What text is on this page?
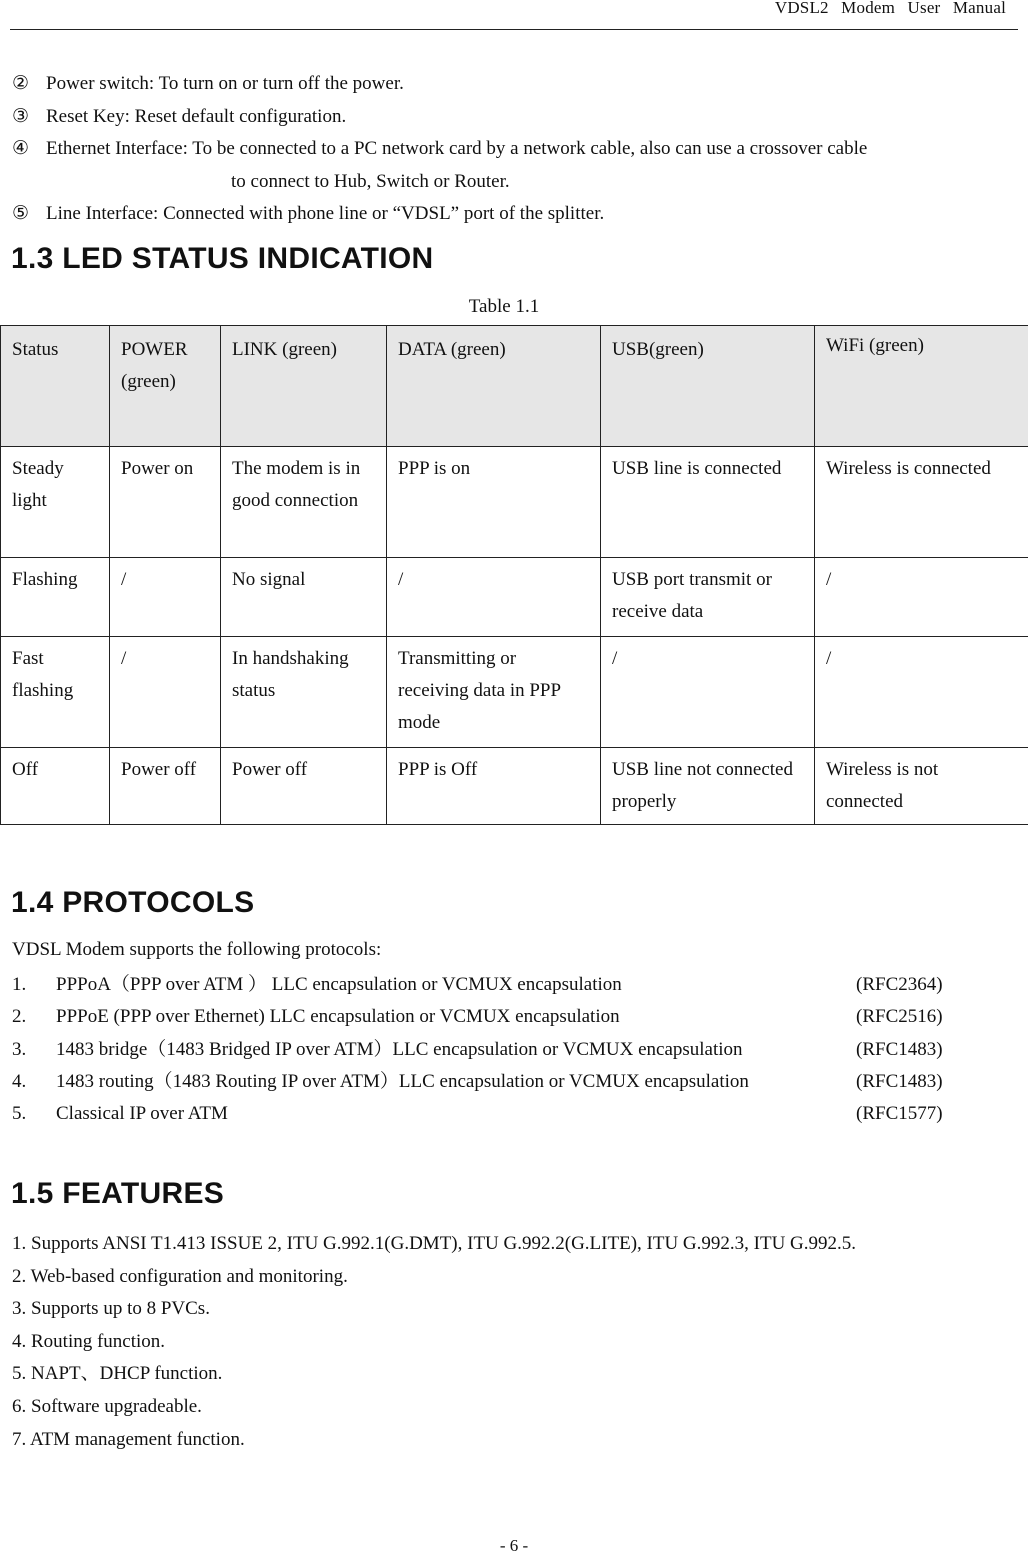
VDSL2 Modem User Manual
② Power switch: To turn on or turn off the power.
③ Reset Key: Reset default configuration.
④ Ethernet Interface: To be connected to a PC network card by a network cable, also can use a crossover cable
to connect to Hub, Switch or Router.
⑤ Line Interface: Connected with phone line or “VDSL” port of the splitter.
1.3 LED STATUS INDICATION
Table 1.1
Status	POWER (green)	LINK (green)	DATA (green)	USB(green)	WiFi (green)
Steady light	Power on	The modem is in good connection	PPP is on	USB line is connected	Wireless is connected
Flashing	/	No signal	/	USB port transmit or receive data	/
Fast flashing	/	In handshaking status	Transmitting or receiving data in PPP mode	/	/
Off	Power off	Power off	PPP is Off	USB line not connected properly	Wireless is not connected
1.4 PROTOCOLS
VDSL Modem supports the following protocols:
1. PPPoA（PPP over ATM ） LLC encapsulation or VCMUX encapsulation	(RFC2364)
2. PPPoE (PPP over Ethernet) LLC encapsulation or VCMUX encapsulation	(RFC2516)
3. 1483 bridge（1483 Bridged IP over ATM）LLC encapsulation or VCMUX encapsulation	(RFC1483)
4. 1483 routing（1483 Routing IP over ATM）LLC encapsulation or VCMUX encapsulation	(RFC1483)
5. Classical IP over ATM	(RFC1577)
1.5 FEATURES
1. Supports ANSI T1.413 ISSUE 2, ITU G.992.1(G.DMT), ITU G.992.2(G.LITE), ITU G.992.3, ITU G.992.5.
2. Web-based configuration and monitoring.
3. Supports up to 8 PVCs.
4. Routing function.
5. NAPT、DHCP function.
6. Software upgradeable.
7. ATM management function.
- 6 -
